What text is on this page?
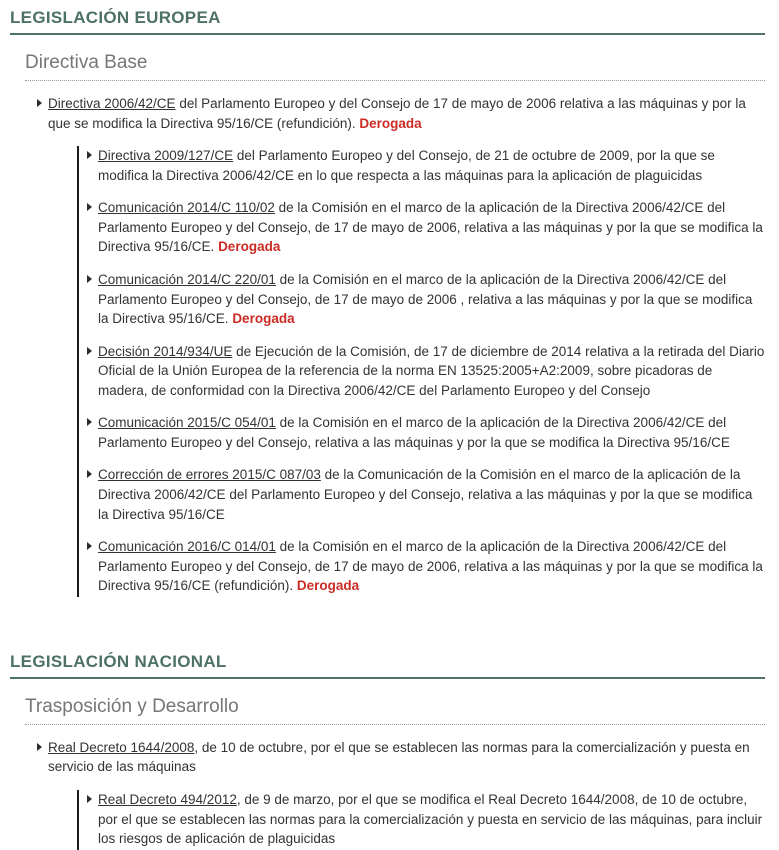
LEGISLACIÓN EUROPEA
Directiva Base
Directiva 2006/42/CE del Parlamento Europeo y del Consejo de 17 de mayo de 2006 relativa a las máquinas y por la que se modifica la Directiva 95/16/CE (refundición). Derogada
Directiva 2009/127/CE del Parlamento Europeo y del Consejo, de 21 de octubre de 2009, por la que se modifica la Directiva 2006/42/CE en lo que respecta a las máquinas para la aplicación de plaguicidas
Comunicación 2014/C 110/02 de la Comisión en el marco de la aplicación de la Directiva 2006/42/CE del Parlamento Europeo y del Consejo, de 17 de mayo de 2006, relativa a las máquinas y por la que se modifica la Directiva 95/16/CE. Derogada
Comunicación 2014/C 220/01 de la Comisión en el marco de la aplicación de la Directiva 2006/42/CE del Parlamento Europeo y del Consejo, de 17 de mayo de 2006 , relativa a las máquinas y por la que se modifica la Directiva 95/16/CE. Derogada
Decisión 2014/934/UE de Ejecución de la Comisión, de 17 de diciembre de 2014 relativa a la retirada del Diario Oficial de la Unión Europea de la referencia de la norma EN 13525:2005+A2:2009, sobre picadoras de madera, de conformidad con la Directiva 2006/42/CE del Parlamento Europeo y del Consejo
Comunicación 2015/C 054/01 de la Comisión en el marco de la aplicación de la Directiva 2006/42/CE del Parlamento Europeo y del Consejo, relativa a las máquinas y por la que se modifica la Directiva 95/16/CE
Corrección de errores 2015/C 087/03 de la Comunicación de la Comisión en el marco de la aplicación de la Directiva 2006/42/CE del Parlamento Europeo y del Consejo, relativa a las máquinas y por la que se modifica la Directiva 95/16/CE
Comunicación 2016/C 014/01 de la Comisión en el marco de la aplicación de la Directiva 2006/42/CE del Parlamento Europeo y del Consejo, de 17 de mayo de 2006, relativa a las máquinas y por la que se modifica la Directiva 95/16/CE (refundición). Derogada
LEGISLACIÓN NACIONAL
Trasposición y Desarrollo
Real Decreto 1644/2008, de 10 de octubre, por el que se establecen las normas para la comercialización y puesta en servicio de las máquinas
Real Decreto 494/2012, de 9 de marzo, por el que se modifica el Real Decreto 1644/2008, de 10 de octubre, por el que se establecen las normas para la comercialización y puesta en servicio de las máquinas, para incluir los riesgos de aplicación de plaguicidas
